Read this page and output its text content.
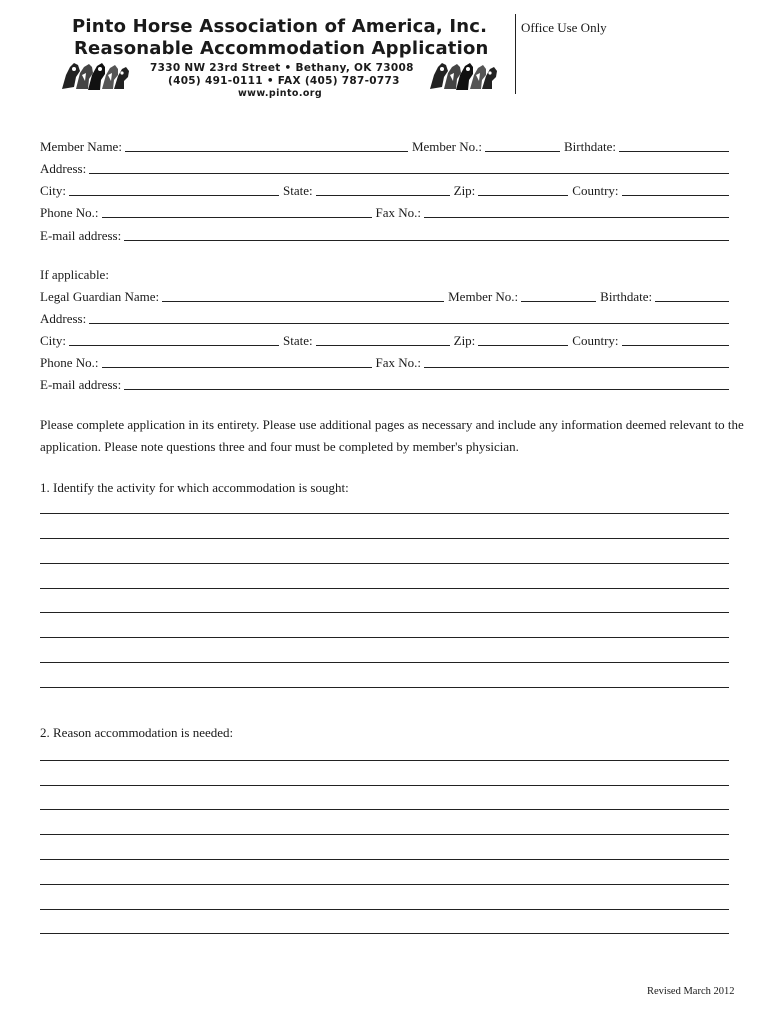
Pinto Horse Association of America, Inc.
Reasonable Accommodation Application
7330 NW 23rd Street • Bethany, OK 73008
(405) 491-0111 • FAX (405) 787-0773
www.pinto.org
Office Use Only
Member Name:	Member No.:	Birthdate:
Address:
City:	State:	Zip:	Country:
Phone No.:	Fax No.:
E-mail address:
If applicable:
Legal Guardian Name:	Member No.:	Birthdate:
Address:
City:	State:	Zip:	Country:
Phone No.:	Fax No.:
E-mail address:
Please complete application in its entirety. Please use additional pages as necessary and include any information deemed relevant to the
application. Please note questions three and four must be completed by member's physician.
1. Identify the activity for which accommodation is sought:
2. Reason accommodation is needed:
Revised March 2012
